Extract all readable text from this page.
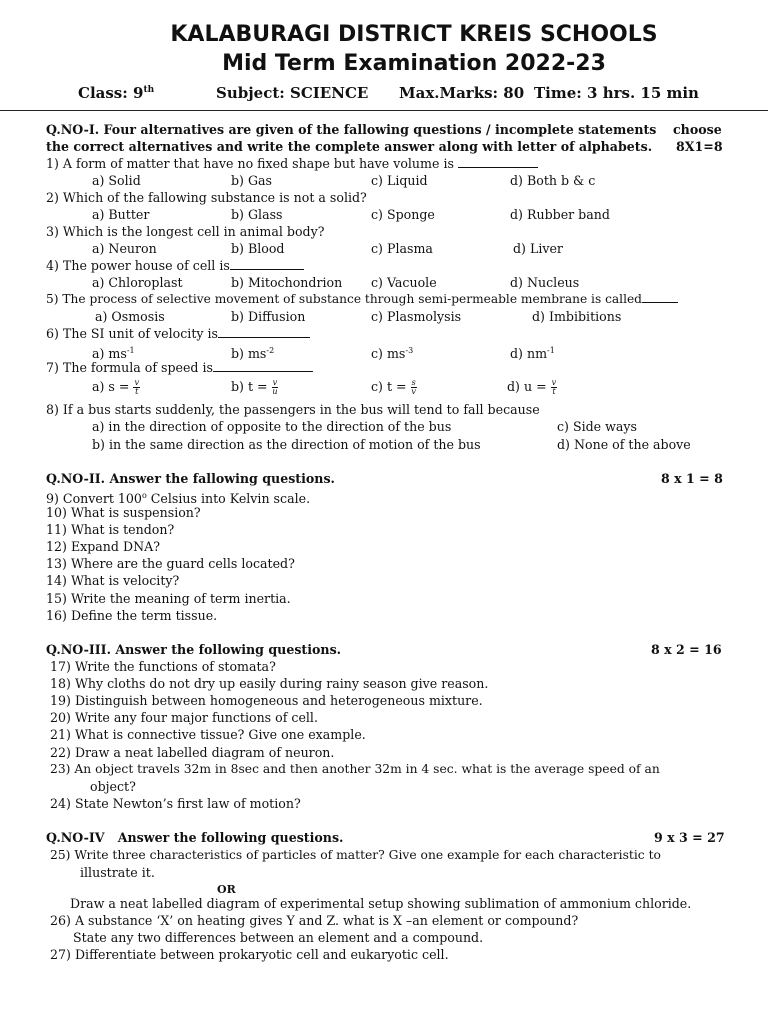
KALABURAGI DISTRICT KREIS SCHOOLS
Mid Term Examination 2022-23
Class: 9th	Subject: SCIENCE Max.Marks: 80 Time: 3 hrs. 15 min
Q.NO-I. Four alternatives are given of the fallowing questions / incomplete statements choose
the correct alternatives and write the complete answer along with letter of alphabets. 8X1=8
1) A form of matter that have no fixed shape but have volume is
a) Solid	b) Gas	c) Liquid	d) Both b & c
2) Which of the fallowing substance is not a solid?
a) Butter	b) Glass	c) Sponge	d) Rubber band
3) Which is the longest cell in animal body?
a) Neuron	b) Blood	c) Plasma	d) Liver
4) The power house of cell is
a) Chloroplast	b) Mitochondrion c) Vacuole	d) Nucleus
5) The process of selective movement of substance through semi-permeable membrane is called
a) Osmosis	b) Diffusion	c) Plasmolysis	d) Imbibitions
6) The SI unit of velocity is
a) $ms^{-1}$	b) $ms^{-2}$	c) $ms^{-3}$	d) $nm^{-1}$
7) The formula of speed is
a) $s = \frac{v}{t}$	b) $t = \frac{v}{u}$	c) $t = \frac{s}{v}$	d) $u = \frac{v}{t}$
8) If a bus starts suddenly, the passengers in the bus will tend to fall because
a) in the direction of opposite to the direction of the bus	c) Side ways
b) in the same direction as the direction of motion of the bus	d) None of the above
Q.NO-II. Answer the fallowing questions.	8 x 1 = 8
9) Convert 100$^o$ Celsius into Kelvin scale.
10) What is suspension?
11) What is tendon?
12) Expand DNA?
13) Where are the guard cells located?
14) What is velocity?
15) Write the meaning of term inertia.
16) Define the term tissue.
Q.NO-III. Answer the following questions.	8 x 2 = 16
17) Write the functions of stomata?
18) Why cloths do not dry up easily during rainy season give reason.
19) Distinguish between homogeneous and heterogeneous mixture.
20) Write any four major functions of cell.
21) What is connective tissue? Give one example.
22) Draw a neat labelled diagram of neuron.
23) An object travels 32m in 8sec and then another 32m in 4 sec. what is the average speed of an
object?
24) State Newton’s first law of motion?
Q.NO-IV   Answer the following questions.	9 x 3 = 27
25) Write three characteristics of particles of matter? Give one example for each characteristic to
illustrate it.
OR
Draw a neat labelled diagram of experimental setup showing sublimation of ammonium chloride.
26) A substance ‘X’ on heating gives Y and Z. what is X –an element or compound?
State any two differences between an element and a compound.
27) Differentiate between prokaryotic cell and eukaryotic cell.
